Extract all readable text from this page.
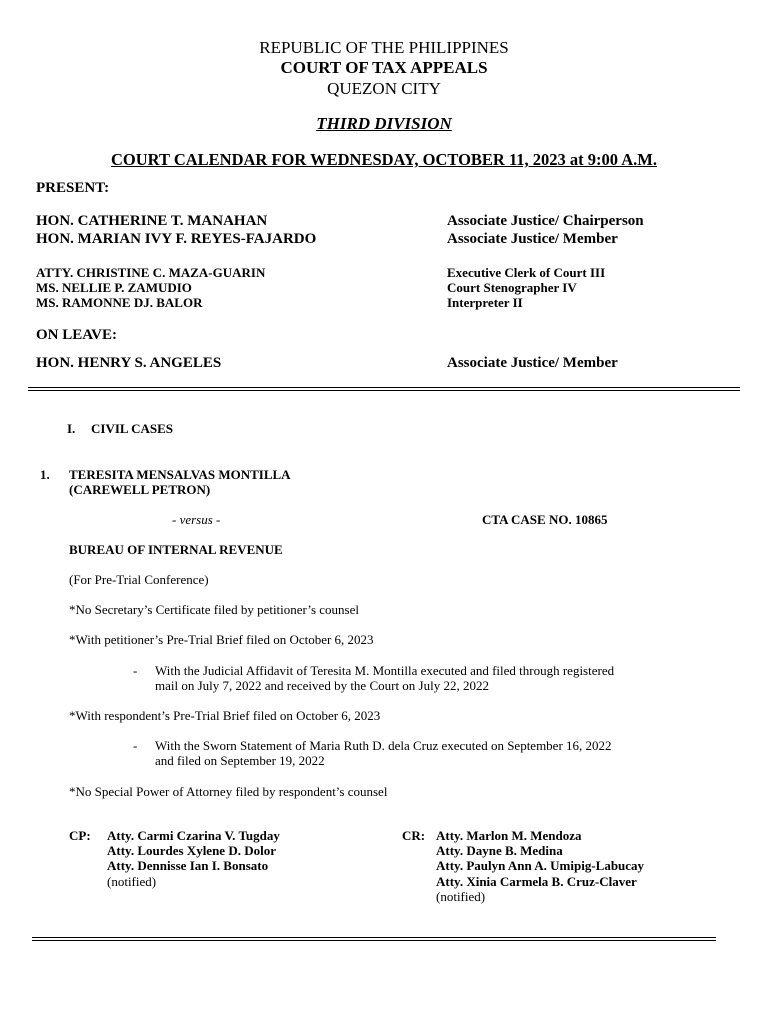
REPUBLIC OF THE PHILIPPINES
COURT OF TAX APPEALS
QUEZON CITY
THIRD DIVISION
COURT CALENDAR FOR WEDNESDAY, OCTOBER 11, 2023 at 9:00 A.M.
PRESENT:
HON. CATHERINE T. MANAHAN	Associate Justice/ Chairperson
HON. MARIAN IVY F. REYES-FAJARDO	Associate Justice/ Member
ATTY. CHRISTINE C. MAZA-GUARIN	Executive Clerk of Court III
MS. NELLIE P. ZAMUDIO	Court Stenographer IV
MS. RAMONNE DJ. BALOR	Interpreter II
ON LEAVE:
HON. HENRY S. ANGELES	Associate Justice/ Member
I. CIVIL CASES
1. TERESITA MENSALVAS MONTILLA
(CAREWELL PETRON)
- versus -	CTA CASE NO. 10865
BUREAU OF INTERNAL REVENUE
(For Pre-Trial Conference)
*No Secretary’s Certificate filed by petitioner’s counsel
*With petitioner’s Pre-Trial Brief filed on October 6, 2023
- With the Judicial Affidavit of Teresita M. Montilla executed and filed through registered
mail on July 7, 2022 and received by the Court on July 22, 2022
*With respondent’s Pre-Trial Brief filed on October 6, 2023
- With the Sworn Statement of Maria Ruth D. dela Cruz executed on September 16, 2022
and filed on September 19, 2022
*No Special Power of Attorney filed by respondent’s counsel
CP: Atty. Carmi Czarina V. Tugday
Atty. Lourdes Xylene D. Dolor
Atty. Dennisse Ian I. Bonsato
(notified)
CR: Atty. Marlon M. Mendoza
Atty. Dayne B. Medina
Atty. Paulyn Ann A. Umipig-Labucay
Atty. Xinia Carmela B. Cruz-Claver
(notified)
